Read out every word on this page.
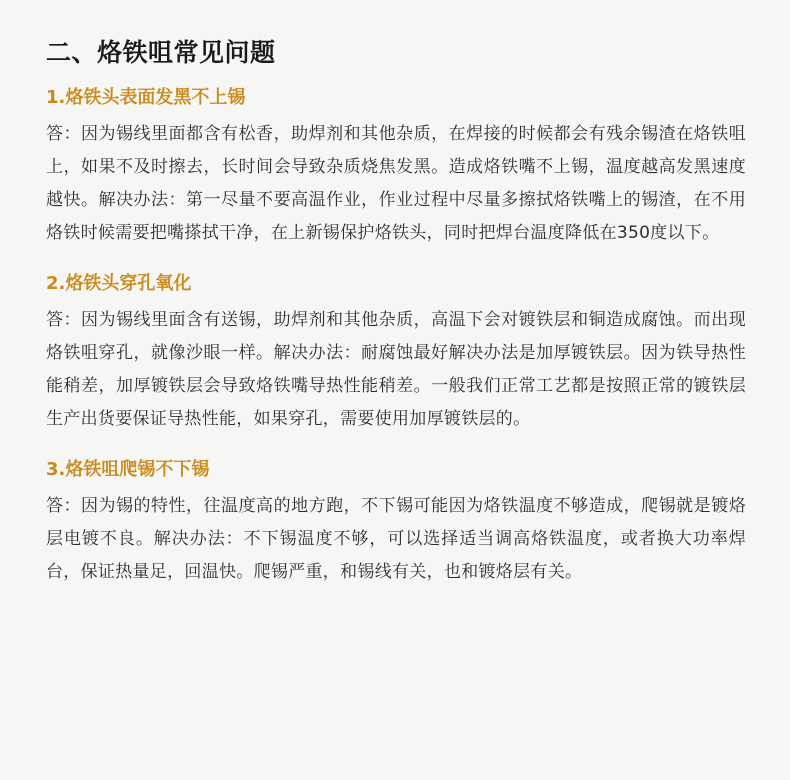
二、烙铁咀常见问题
1.烙铁头表面发黑不上锡

答：因为锡线里面都含有松香，助焊剂和其他杂质，在焊接的时候都会有残余锡渣在烙铁咀上，如果不及时擦去，长时间会导致杂质烧焦发黑。造成烙铁嘴不上锡，温度越高发黑速度越快。解决办法：第一尽量不要高温作业，作业过程中尽量多擦拭烙铁嘴上的锡渣，在不用烙铁时候需要把嘴搽拭干净，在上新锡保护烙铁头，同时把焊台温度降低在350度以下。

2.烙铁头穿孔氧化

答：因为锡线里面含有送锡，助焊剂和其他杂质，高温下会对镀铁层和铜造成腐蚀。而出现烙铁咀穿孔，就像沙眼一样。解决办法：耐腐蚀最好解决办法是加厚镀铁层。因为铁导热性能稍差，加厚镀铁层会导致烙铁嘴导热性能稍差。一般我们正常工艺都是按照正常的镀铁层生产出货要保证导热性能，如果穿孔，需要使用加厚镀铁层的。

3.烙铁咀爬锡不下锡

答：因为锡的特性，往温度高的地方跑，不下锡可能因为烙铁温度不够造成，爬锡就是镀烙层电镀不良。解决办法：不下锡温度不够，可以选择适当调高烙铁温度，或者换大功率焊台，保证热量足，回温快。爬锡严重，和锡线有关，也和镀烙层有关。
